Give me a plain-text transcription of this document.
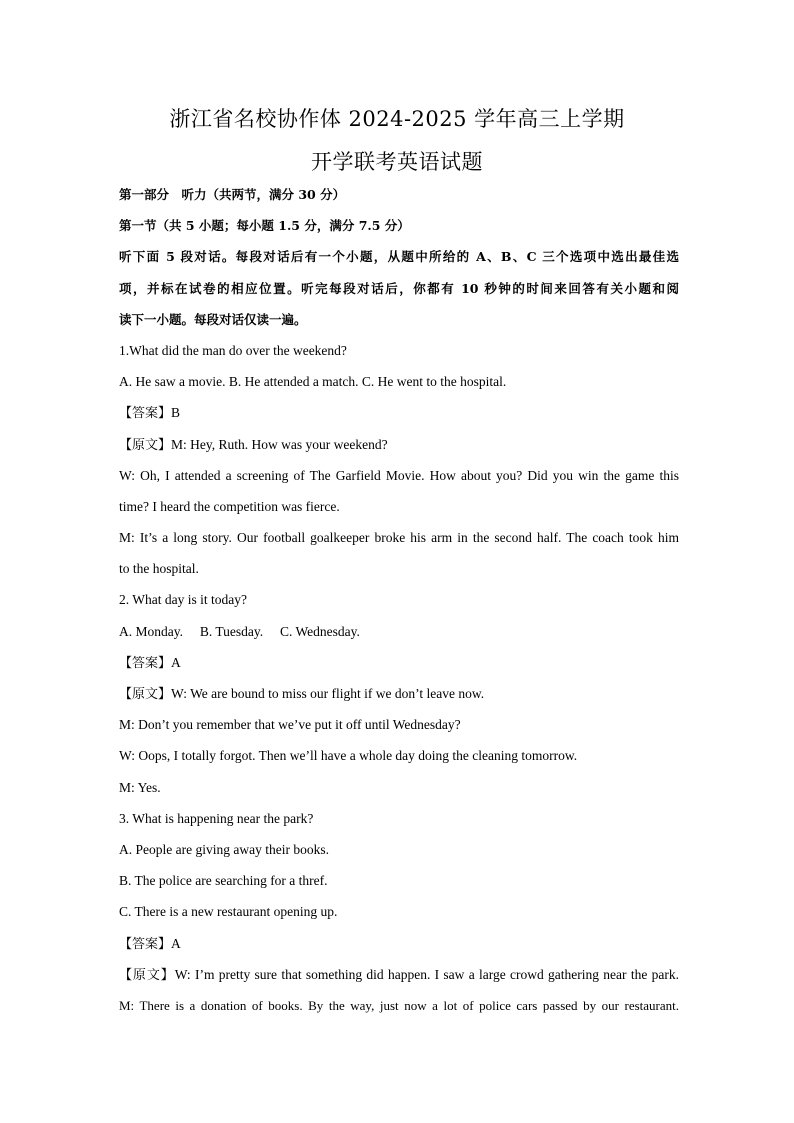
浙江省名校协作体 2024-2025 学年高三上学期
开学联考英语试题
第一部分　听力（共两节，满分 30 分）
第一节（共 5 小题；每小题 1.5 分，满分 7.5 分）
听下面 5 段对话。每段对话后有一个小题，从题中所给的 A、B、C 三个选项中选出最佳选
项，并标在试卷的相应位置。听完每段对话后，你都有 10 秒钟的时间来回答有关小题和阅
读下一小题。每段对话仅读一遍。
1.What did the man do over the weekend?
A. He saw a movie. B. He attended a match. C. He went to the hospital.
【答案】B
【原文】M: Hey, Ruth. How was your weekend?
W: Oh, I attended a screening of The Garfield Movie. How about you? Did you win the game this
time? I heard the competition was fierce.
M: It’s a long story. Our football goalkeeper broke his arm in the second half. The coach took him
to the hospital.
2. What day is it today?
A. Monday.     B. Tuesday.     C. Wednesday.
【答案】A
【原文】W: We are bound to miss our flight if we don’t leave now.
M: Don’t you remember that we’ve put it off until Wednesday?
W: Oops, I totally forgot. Then we’ll have a whole day doing the cleaning tomorrow.
M: Yes.
3. What is happening near the park?
A. People are giving away their books.
B. The police are searching for a thref.
C. There is a new restaurant opening up.
【答案】A
【原文】W: I’m pretty sure that something did happen. I saw a large crowd gathering near the park.
M: There is a donation of books. By the way, just now a lot of police cars passed by our restaurant.
